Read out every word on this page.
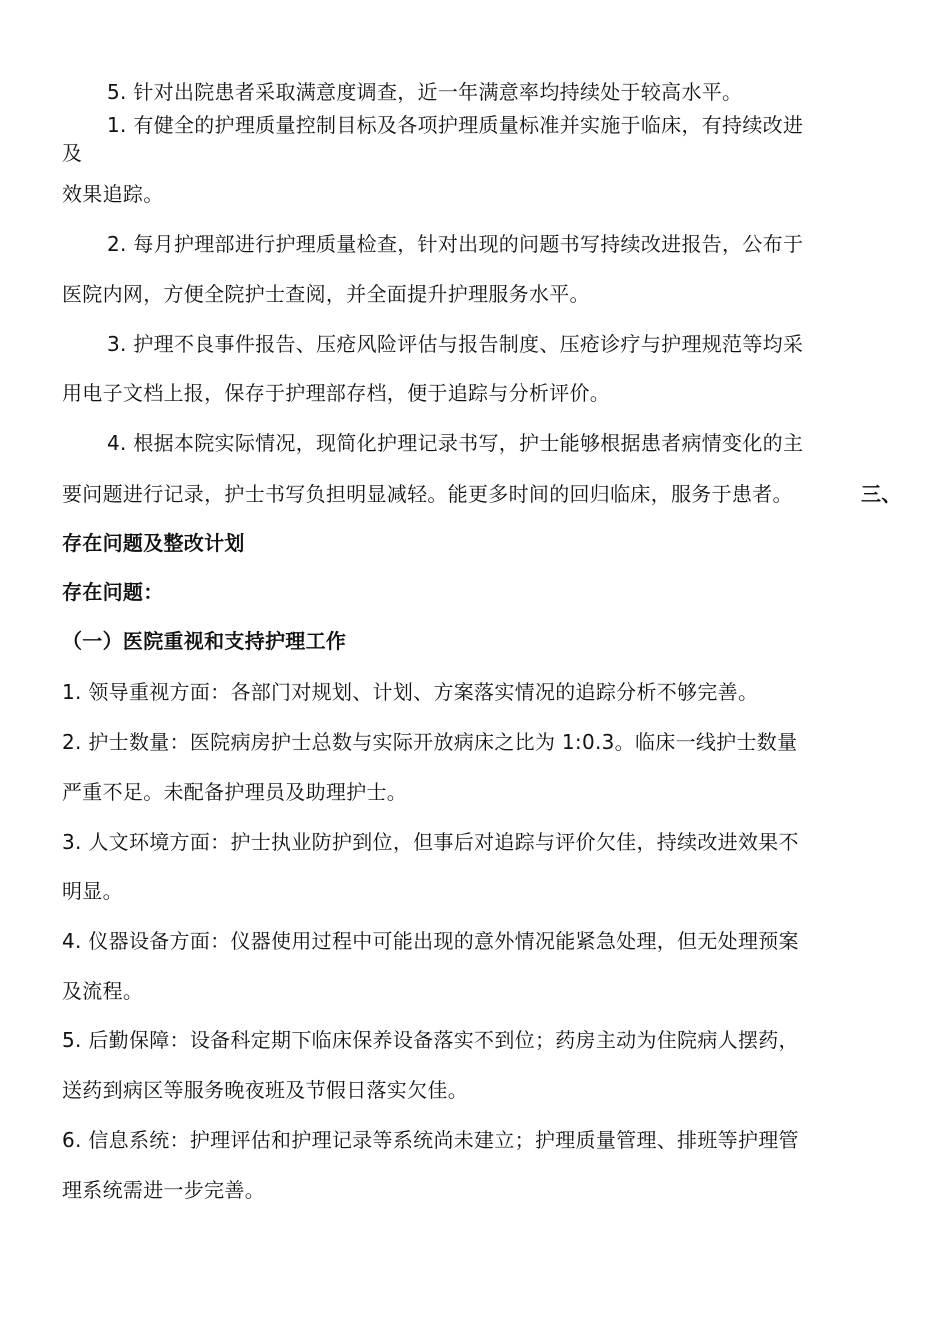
5. 针对出院患者采取满意度调查，近一年满意率均持续处于较高水平。
1. 有健全的护理质量控制目标及各项护理质量标准并实施于临床，有持续改进
及
效果追踪。
2. 每月护理部进行护理质量检查，针对出现的问题书写持续改进报告，公布于
医院内网，方便全院护士查阅，并全面提升护理服务水平。
3. 护理不良事件报告、压疮风险评估与报告制度、压疮诊疗与护理规范等均采
用电子文档上报，保存于护理部存档，便于追踪与分析评价。
4. 根据本院实际情况，现简化护理记录书写，护士能够根据患者病情变化的主
要问题进行记录，护士书写负担明显减轻。能更多时间的回归临床，服务于患者。	三、
存在问题及整改计划
存在问题：
（一）医院重视和支持护理工作
1. 领导重视方面：各部门对规划、计划、方案落实情况的追踪分析不够完善。
2. 护士数量：医院病房护士总数与实际开放病床之比为 1:0.3。临床一线护士数量
严重不足。未配备护理员及助理护士。
3. 人文环境方面：护士执业防护到位，但事后对追踪与评价欠佳，持续改进效果不
明显。
4. 仪器设备方面：仪器使用过程中可能出现的意外情况能紧急处理，但无处理预案
及流程。
5. 后勤保障：设备科定期下临床保养设备落实不到位；药房主动为住院病人摆药，
送药到病区等服务晚夜班及节假日落实欠佳。
6. 信息系统：护理评估和护理记录等系统尚未建立；护理质量管理、排班等护理管
理系统需进一步完善。
